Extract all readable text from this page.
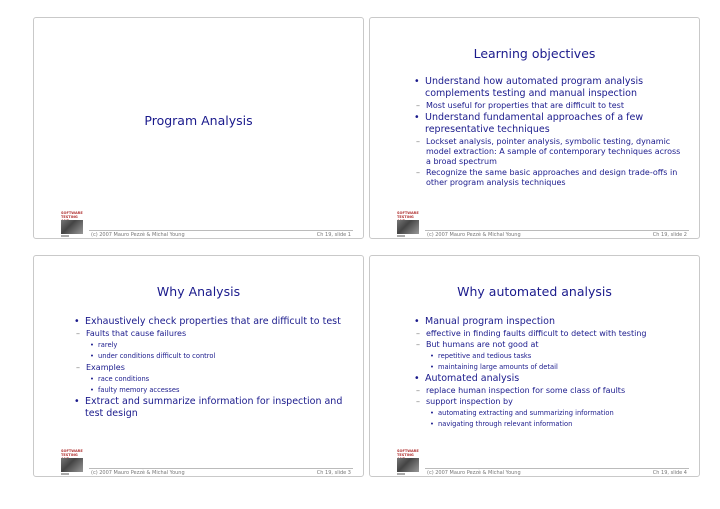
Program Analysis
SOFTWARE TESTING
(c) 2007 Mauro Pezzè & Michal Young	Ch 19, slide 1
Learning objectives
• Understand how automated program analysis complements testing and manual inspection
– Most useful for properties that are difficult to test
• Understand fundamental approaches of a few representative techniques
– Lockset analysis, pointer analysis, symbolic testing, dynamic model extraction: A sample of contemporary techniques across a broad spectrum
– Recognize the same basic approaches and design trade-offs in other program analysis techniques
SOFTWARE TESTING
(c) 2007 Mauro Pezzè & Michal Young	Ch 19, slide 2
Why Analysis
• Exhaustively check properties that are difficult to test
– Faults that cause failures
• rarely
• under conditions difficult to control
– Examples
• race conditions
• faulty memory accesses
• Extract and summarize information for inspection and test design
SOFTWARE TESTING
(c) 2007 Mauro Pezzè & Michal Young	Ch 19, slide 3
Why automated analysis
• Manual program inspection
– effective in finding faults difficult to detect with testing
– But humans are not good at
• repetitive and tedious tasks
• maintaining large amounts of detail
• Automated analysis
– replace human inspection for some class of faults
– support inspection by
• automating extracting and summarizing information
• navigating through relevant information
SOFTWARE TESTING
(c) 2007 Mauro Pezzè & Michal Young	Ch 19, slide 4
